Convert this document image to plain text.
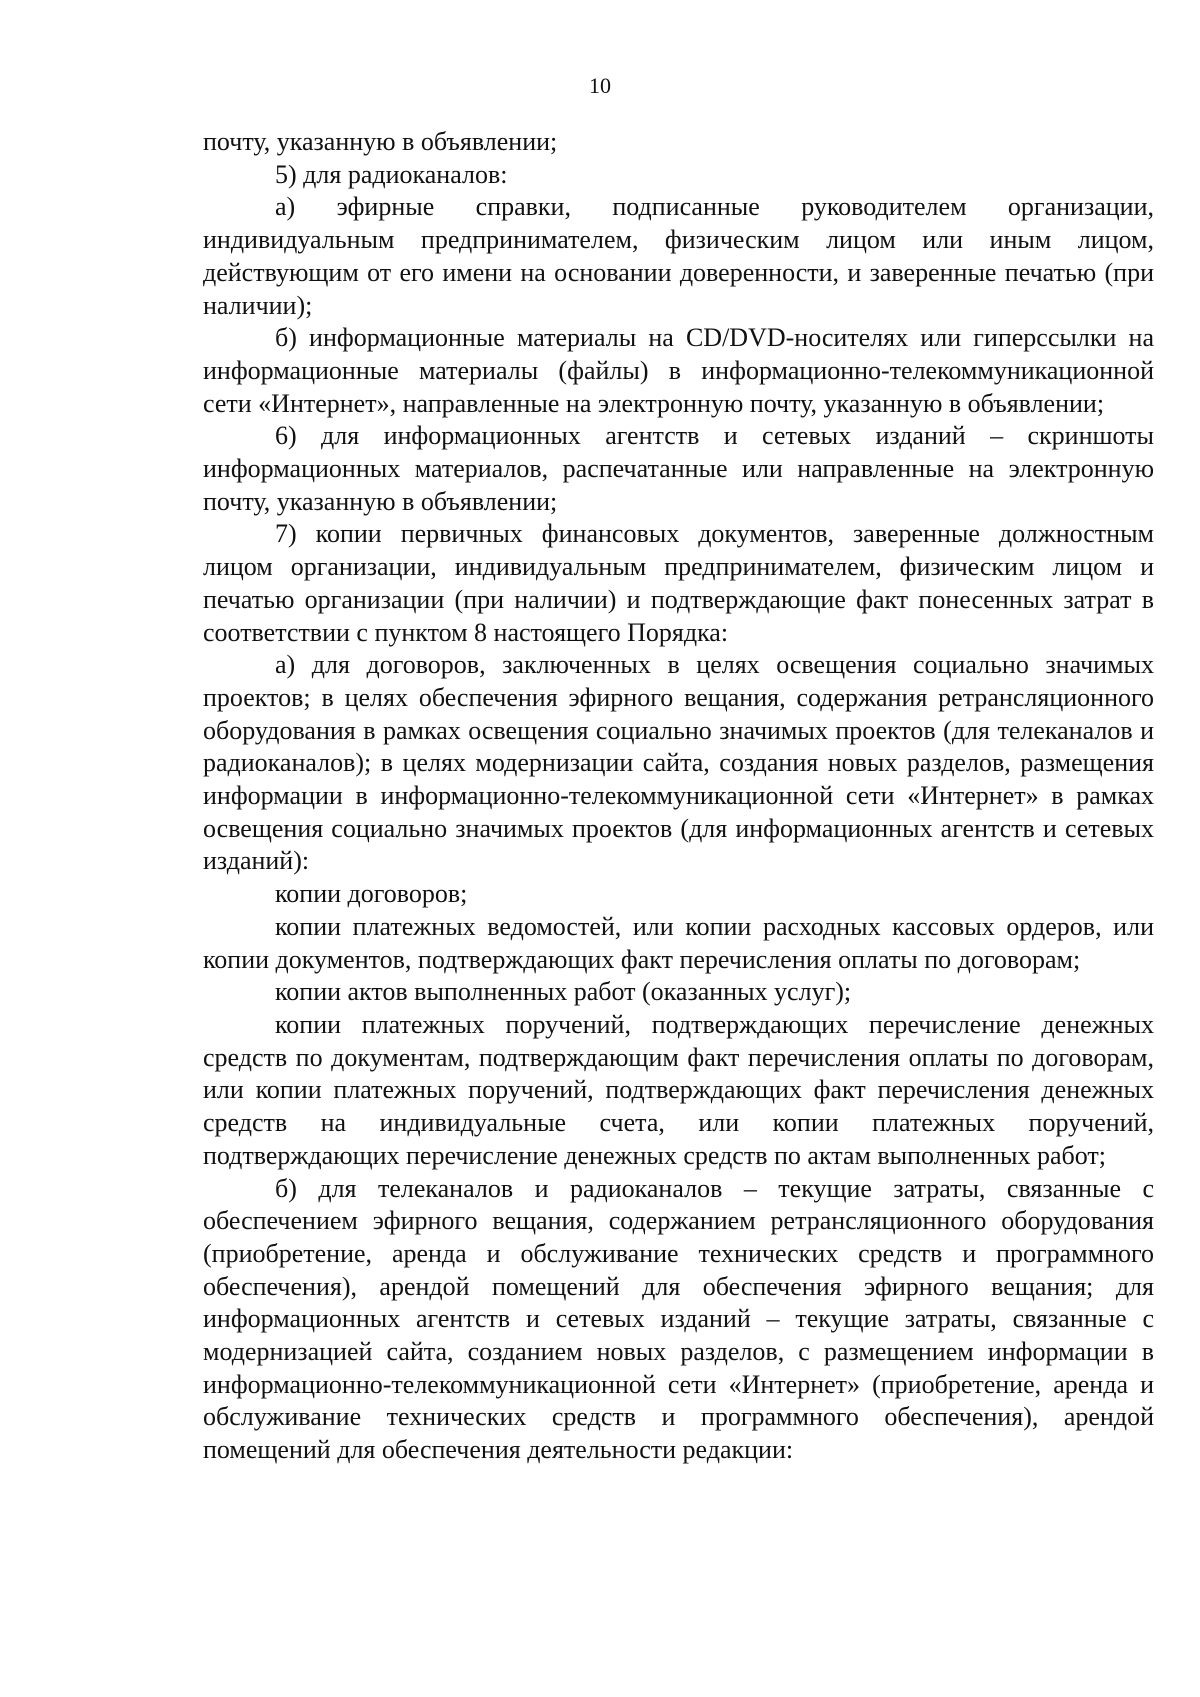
10

почту, указанную в объявлении;

5) для радиоканалов:

а) эфирные справки, подписанные руководителем организации, индивидуальным предпринимателем, физическим лицом или иным лицом, действующим от его имени на основании доверенности, и заверенные печатью (при наличии);

б) информационные материалы на CD/DVD-носителях или гиперссылки на информационные материалы (файлы) в информационно-телекоммуникационной сети «Интернет», направленные на электронную почту, указанную в объявлении;

6) для информационных агентств и сетевых изданий – скриншоты информационных материалов, распечатанные или направленные на электронную почту, указанную в объявлении;

7) копии первичных финансовых документов, заверенные должностным лицом организации, индивидуальным предпринимателем, физическим лицом и печатью организации (при наличии) и подтверждающие факт понесенных затрат в соответствии с пунктом 8 настоящего Порядка:

а) для договоров, заключенных в целях освещения социально значимых проектов; в целях обеспечения эфирного вещания, содержания ретрансляционного оборудования в рамках освещения социально значимых проектов (для телеканалов и радиоканалов); в целях модернизации сайта, создания новых разделов, размещения информации в информационно-телекоммуникационной сети «Интернет» в рамках освещения социально значимых проектов (для информационных агентств и сетевых изданий):

копии договоров;

копии платежных ведомостей, или копии расходных кассовых ордеров, или копии документов, подтверждающих факт перечисления оплаты по договорам;

копии актов выполненных работ (оказанных услуг);

копии платежных поручений, подтверждающих перечисление денежных средств по документам, подтверждающим факт перечисления оплаты по договорам, или копии платежных поручений, подтверждающих факт перечисления денежных средств на индивидуальные счета, или копии платежных поручений, подтверждающих перечисление денежных средств по актам выполненных работ;

б) для телеканалов и радиоканалов – текущие затраты, связанные с обеспечением эфирного вещания, содержанием ретрансляционного оборудования (приобретение, аренда и обслуживание технических средств и программного обеспечения), арендой помещений для обеспечения эфирного вещания; для информационных агентств и сетевых изданий – текущие затраты, связанные с модернизацией сайта, созданием новых разделов, с размещением информации в информационно-телекоммуникационной сети «Интернет» (приобретение, аренда и обслуживание технических средств и программного обеспечения), арендой помещений для обеспечения деятельности редакции:
